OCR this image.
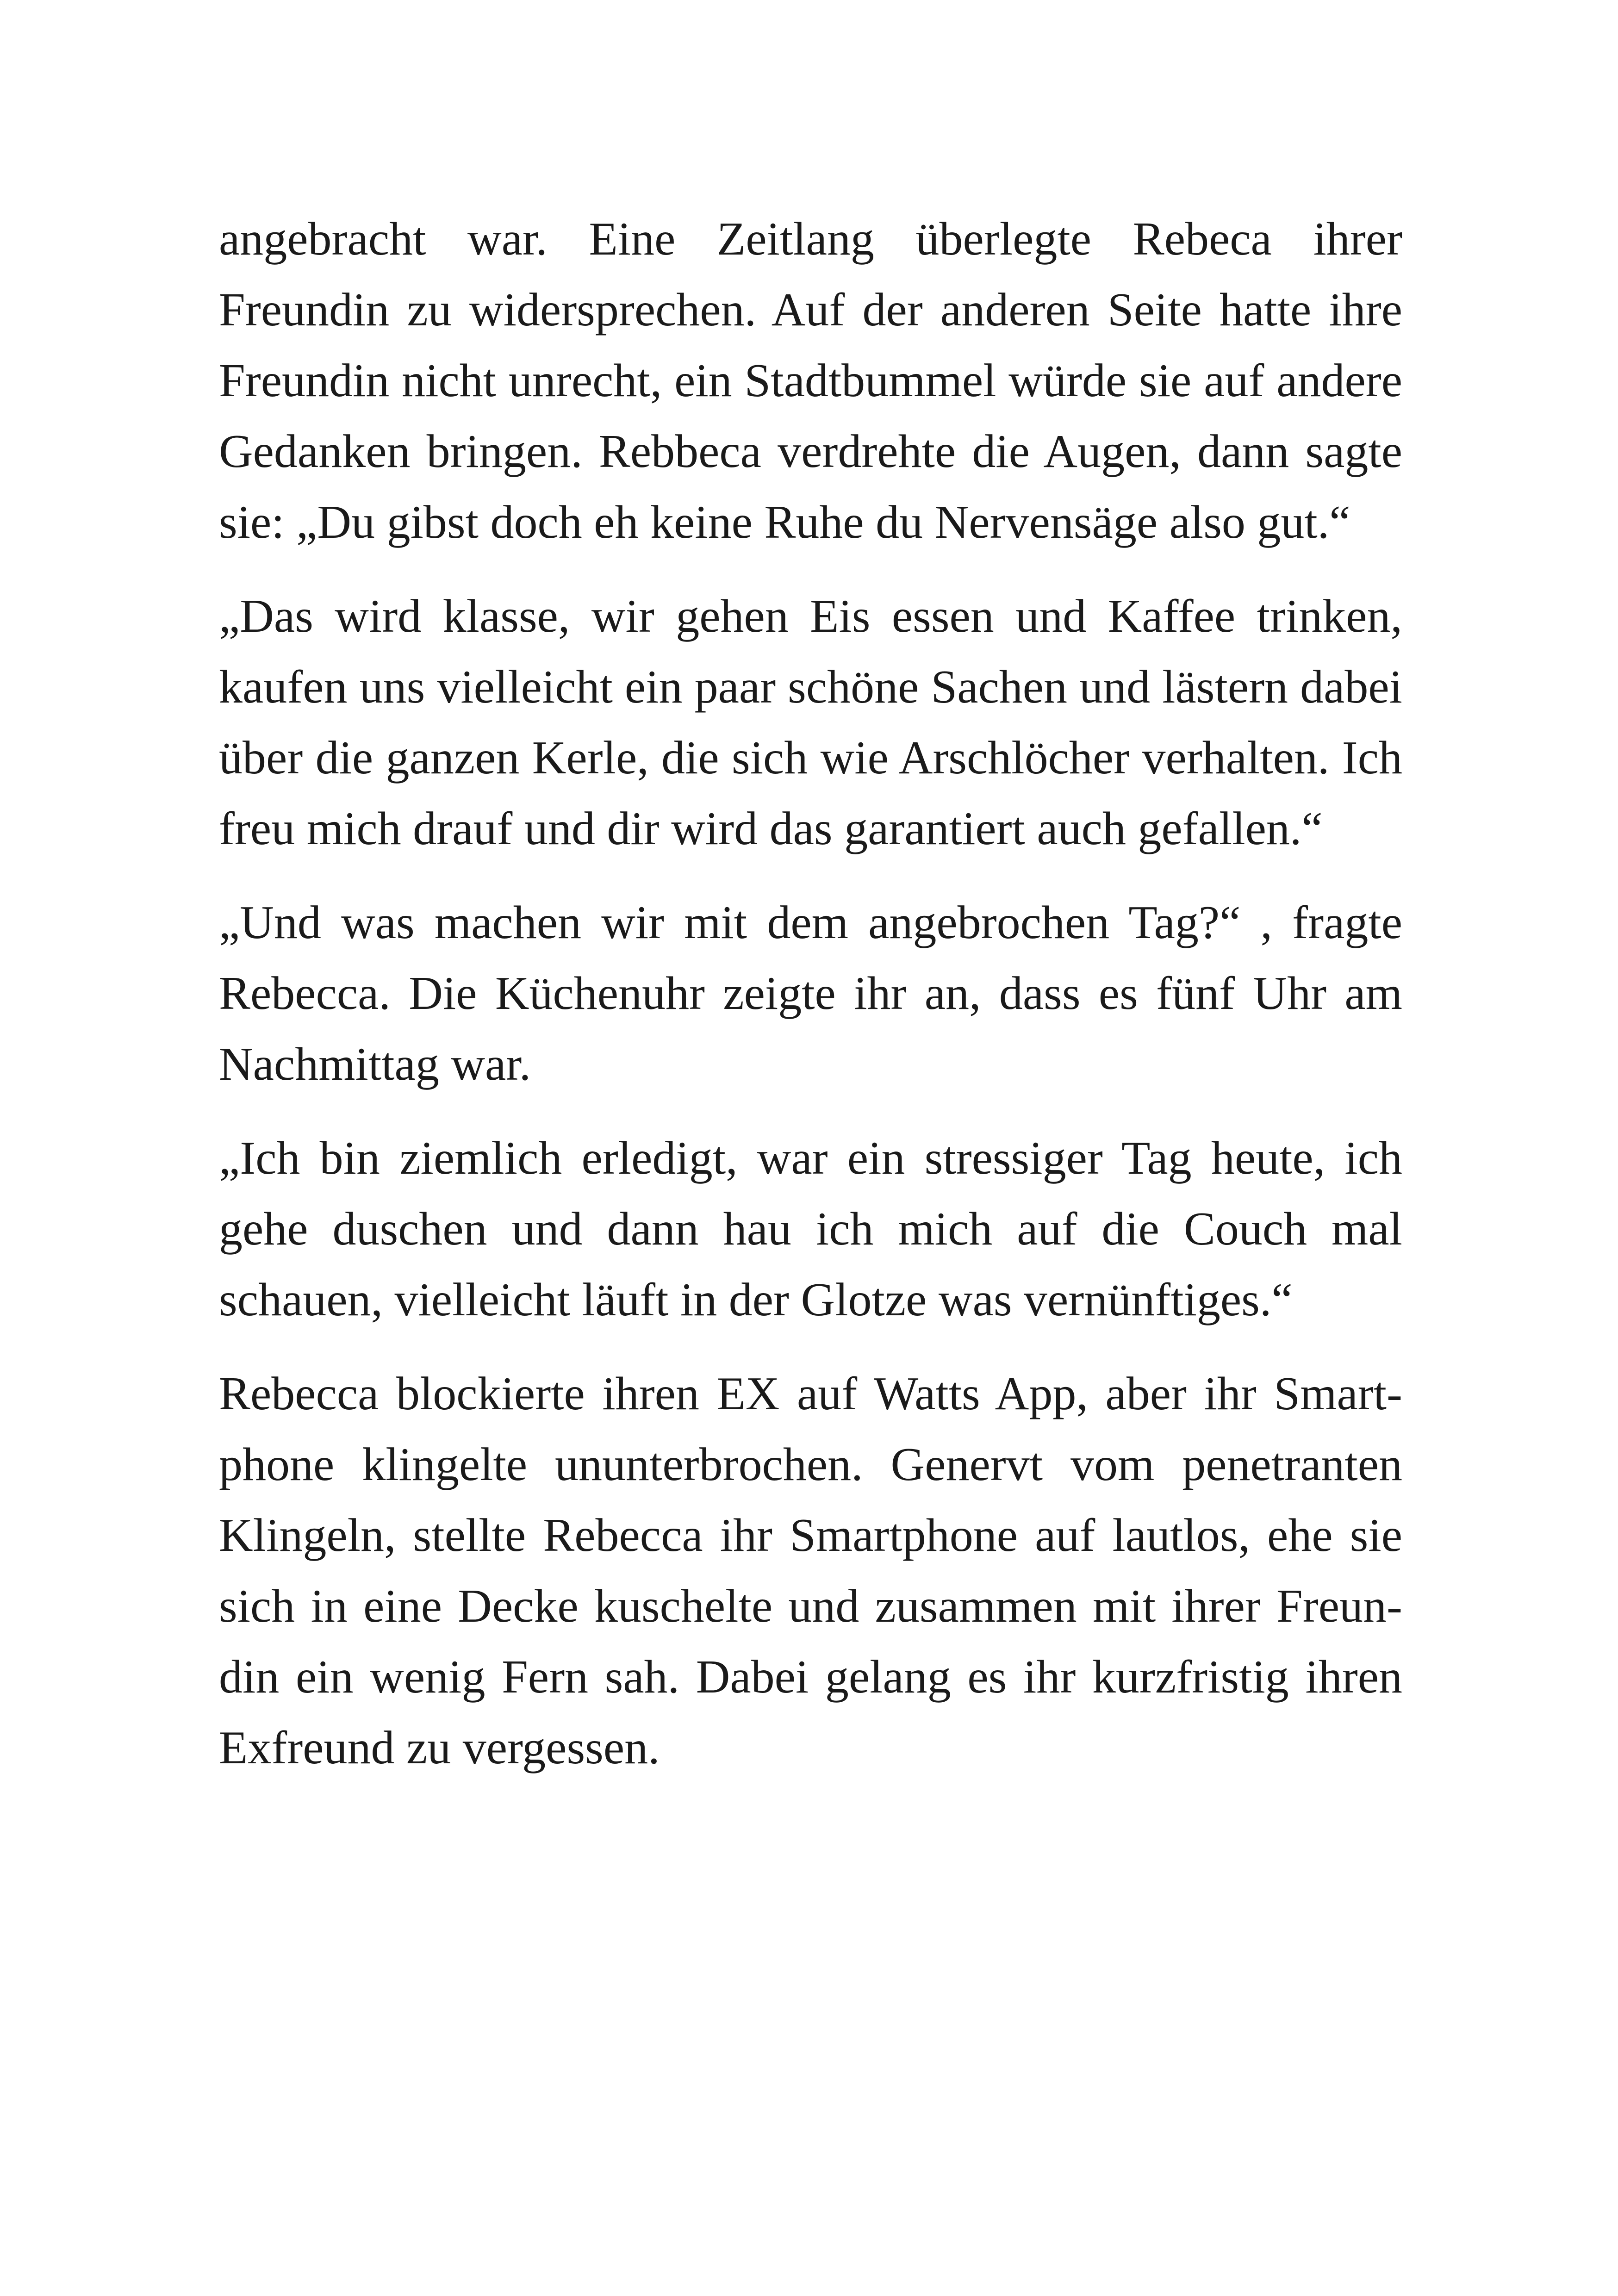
angebracht war. Eine Zeitlang überlegte Rebeca ihrer Freundin zu widersprechen. Auf der anderen Seite hatte ihre Freundin nicht unrecht, ein Stadtbummel würde sie auf andere Gedanken bringen. Rebbeca verdrehte die Augen, dann sagte sie: „Du gibst doch eh keine Ruhe du Nervensäge also gut.“

„Das wird klasse, wir gehen Eis essen und Kaffee trinken, kaufen uns vielleicht ein paar schöne Sachen und lästern dabei über die ganzen Kerle, die sich wie Arschlöcher verhalten. Ich freu mich drauf und dir wird das garantiert auch gefallen.“

„Und was machen wir mit dem angebrochen Tag?“ , fragte Rebecca. Die Küchenuhr zeigte ihr an, dass es fünf Uhr am Nachmittag war.

„Ich bin ziemlich erledigt, war ein stressiger Tag heute, ich gehe duschen und dann hau ich mich auf die Couch mal schauen, vielleicht läuft in der Glotze was vernünftiges.“

Rebecca blockierte ihren EX auf Watts App, aber ihr Smartphone klingelte ununterbrochen. Genervt vom penetranten Klingeln, stellte Rebecca ihr Smartphone auf lautlos, ehe sie sich in eine Decke kuschelte und zusammen mit ihrer Freundin ein wenig Fern sah. Dabei gelang es ihr kurzfristig ihren Exfreund zu vergessen.
